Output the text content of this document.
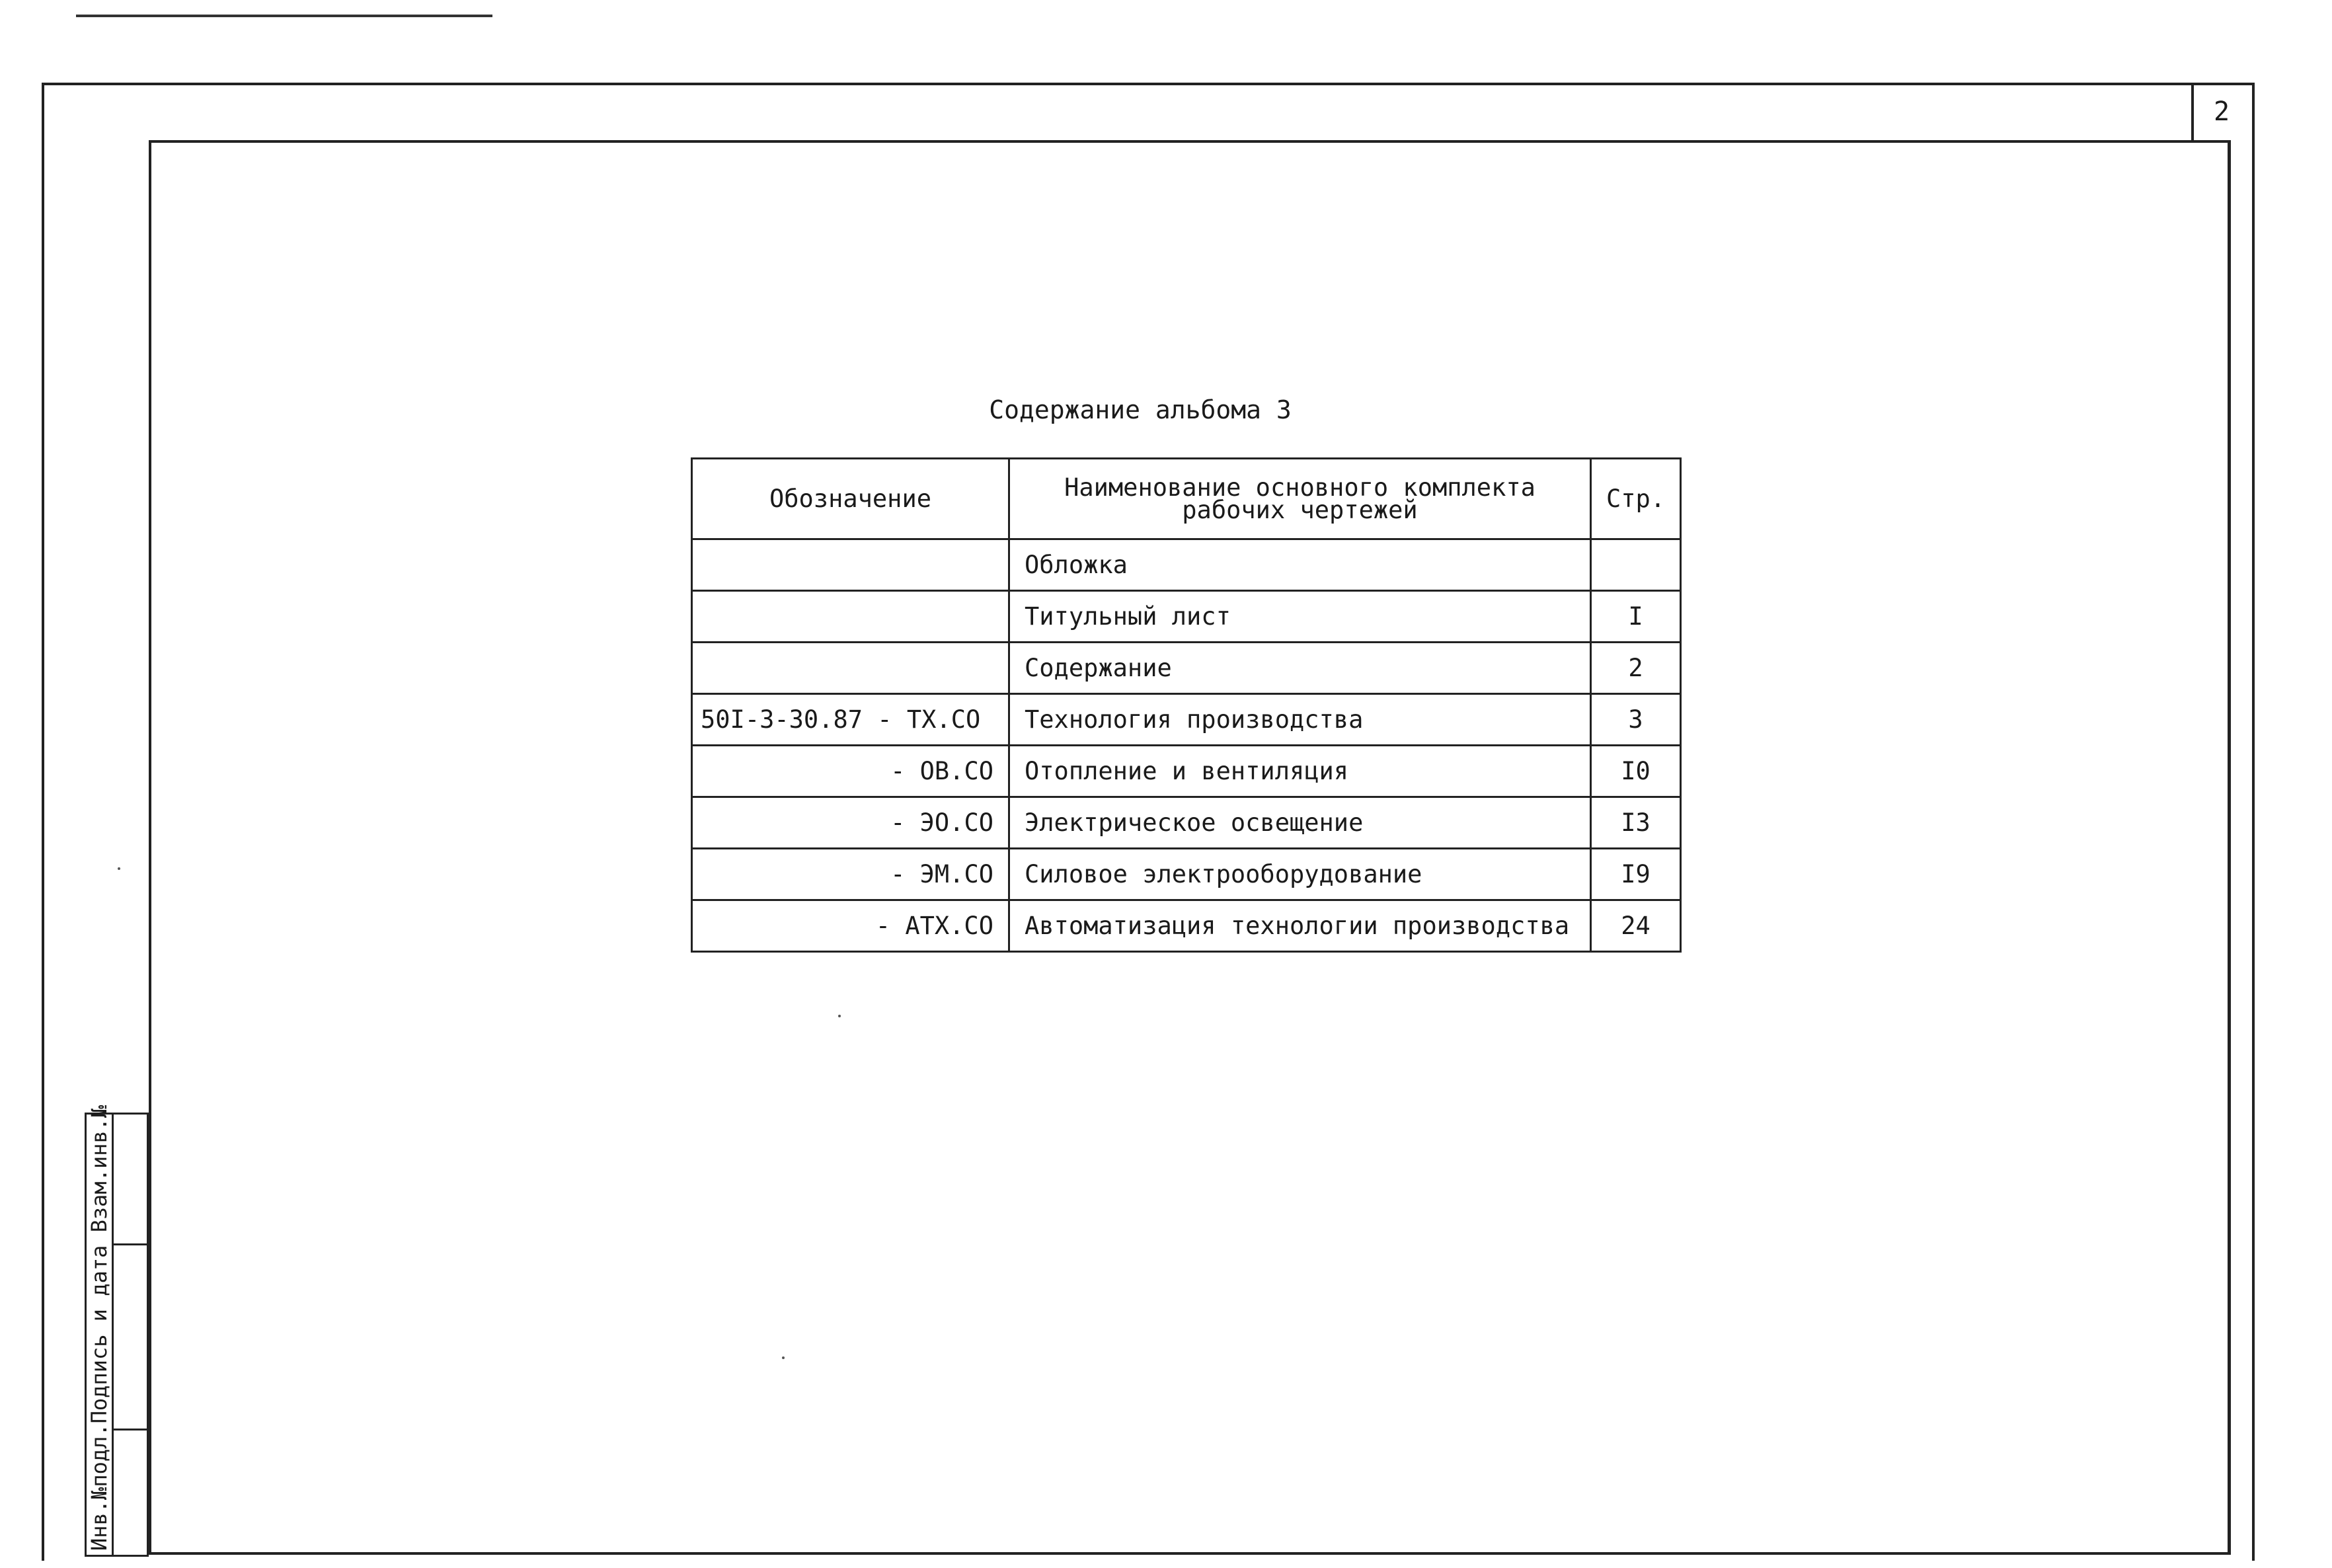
2
Инв.№подл.Подпись и дата Взам.инв.№
Содержание альбома 3
Обозначение	Наименование основного комплекта рабочих чертежей	Стр.
	Обложка	
	Титульный лист	I
	Содержание	2
50I-3-30.87 - ТХ.СО	Технология производства	3
- ОВ.СО	Отопление и вентиляция	I0
- ЭО.СО	Электрическое освещение	I3
- ЭМ.СО	Силовое электрооборудование	I9
- АТХ.СО	Автоматизация технологии производства	24
